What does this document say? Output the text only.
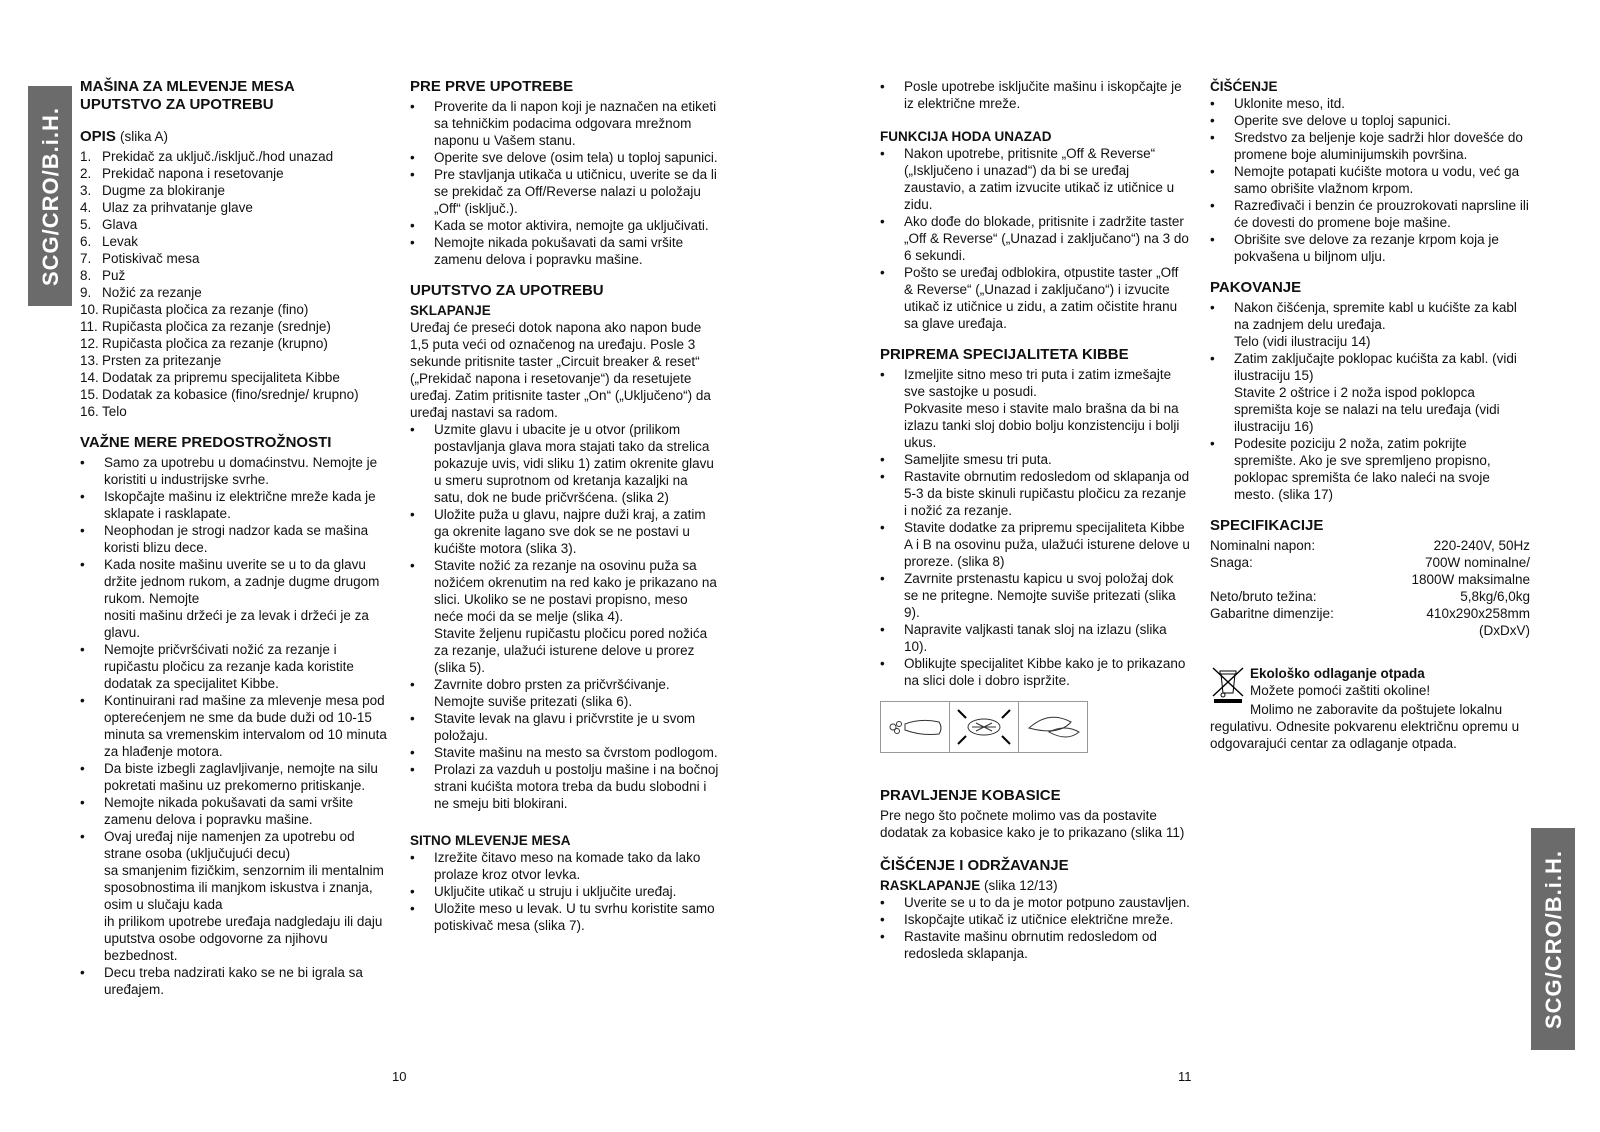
SCG/CRO/B.i.H.
SCG/CRO/B.i.H.
MAŠINA ZA MLEVENJE MESA
UPUTSTVO ZA UPOTREBU
OPIS (slika A)
1. Prekidač za uključ./isključ./hod unazad
2. Prekidač napona i resetovanje
3. Dugme za blokiranje
4. Ulaz za prihvatanje glave
5. Glava
6. Levak
7. Potiskivač mesa
8. Puž
9. Nožić za rezanje
10. Rupičasta pločica za rezanje (fino)
11. Rupičasta pločica za rezanje (srednje)
12. Rupičasta pločica za rezanje (krupno)
13. Prsten za pritezanje
14. Dodatak za pripremu specijaliteta Kibbe
15. Dodatak za kobasice (fino/srednje/ krupno)
16. Telo
VAŽNE MERE PREDOSTROŽNOSTI
•	Samo za upotrebu u domaćinstvu. Nemojte je koristiti u industrijske svrhe.
•	Iskopčajte mašinu iz električne mreže kada je sklapate i rasklapate.
•	Neophodan je strogi nadzor kada se mašina koristi blizu dece.
•	Kada nosite mašinu uverite se u to da glavu držite jednom rukom, a zadnje dugme drugom rukom. Nemojte
nositi mašinu držeći je za levak i držeći je za glavu.
•	Nemojte pričvršćivati nožić za rezanje i rupičastu pločicu za rezanje kada koristite dodatak za specijalitet Kibbe.
•	Kontinuirani rad mašine za mlevenje mesa pod opterećenjem ne sme da bude duži od 10-15 minuta sa vremenskim intervalom od 10 minuta za hlađenje motora.
•	Da biste izbegli zaglavljivanje, nemojte na silu pokretati mašinu uz prekomerno pritiskanje.
•	Nemojte nikada pokušavati da sami vršite zamenu delova i popravku mašine.
•	Ovaj uređaj nije namenjen za upotrebu od strane osoba (uključujući decu)
sa smanjenim fizičkim, senzornim ili mentalnim sposobnostima ili manjkom iskustva i znanja, osim u slučaju kada
ih prilikom upotrebe uređaja nadgledaju ili daju uputstva osobe odgovorne za njihovu bezbednost.
•	Decu treba nadzirati kako se ne bi igrala sa uređajem.
PRE PRVE UPOTREBE
•	Proverite da li napon koji je naznačen na etiketi sa tehničkim podacima odgovara mrežnom naponu u Vašem stanu.
•	Operite sve delove (osim tela) u toploj sapunici.
•	Pre stavljanja utikača u utičnicu, uverite se da li se prekidač za Off/Reverse nalazi u položaju „Off“ (isključ.).
•	Kada se motor aktivira, nemojte ga uključivati.
•	Nemojte nikada pokušavati da sami vršite zamenu delova i popravku mašine.
UPUTSTVO ZA UPOTREBU
SKLAPANJE

Uređaj će preseći dotok napona ako napon bude 1,5 puta veći od označenog na uređaju. Posle 3 sekunde pritisnite taster „Circuit breaker & reset“ („Prekidač napona i resetovanje“) da resetujete uređaj. Zatim pritisnite taster „On“ („Uključeno“) da uređaj nastavi sa radom.

•	Uzmite glavu i ubacite je u otvor (prilikom postavljanja glava mora stajati tako da strelica pokazuje uvis, vidi sliku 1) zatim okrenite glavu u smeru suprotnom od kretanja kazaljki na satu, dok ne bude pričvršćena. (slika 2)
•	Uložite puža u glavu, najpre duži kraj, a zatim ga okrenite lagano sve dok se ne postavi u kućište motora (slika 3).
•	Stavite nožić za rezanje na osovinu puža sa nožićem okrenutim na red kako je prikazano na slici. Ukoliko se ne postavi propisno, meso neće moći da se melje (slika 4).
Stavite željenu rupičastu pločicu pored nožića za rezanje, ulažući isturene delove u prorez (slika 5).
•	Zavrnite dobro prsten za pričvršćivanje. Nemojte suviše pritezati (slika 6).
•	Stavite levak na glavu i pričvrstite je u svom položaju.
•	Stavite mašinu na mesto sa čvrstom podlogom.
•	Prolazi za vazduh u postolju mašine i na bočnoj strani kućišta motora treba da budu slobodni i ne smeju biti blokirani.
SITNO MLEVENJE MESA
•	Izrežite čitavo meso na komade tako da lako prolaze kroz otvor levka.
•	Uključite utikač u struju i uključite uređaj.
•	Uložite meso u levak. U tu svrhu koristite samo potiskivač mesa (slika 7).
•	Posle upotrebe isključite mašinu i iskopčajte je iz električne mreže.
FUNKCIJA HODA UNAZAD
•	Nakon upotrebe, pritisnite „Off & Reverse“ („Isključeno i unazad“) da bi se uređaj zaustavio, a zatim izvucite utikač iz utičnice u zidu.
•	Ako dođe do blokade, pritisnite i zadržite taster „Off & Reverse“ („Unazad i zaključano“) na 3 do 6 sekundi.
•	Pošto se uređaj odblokira, otpustite taster „Off & Reverse“ („Unazad i zaključano“) i izvucite utikač iz utičnice u zidu, a zatim očistite hranu sa glave uređaja.
PRIPREMA SPECIJALITETA KIBBE
•	Izmeljite sitno meso tri puta i zatim izmešajte sve sastojke u posudi.
Pokvasite meso i stavite malo brašna da bi na izlazu tanki sloj dobio bolju konzistenciju i bolji ukus.
•	Sameljite smesu tri puta.
•	Rastavite obrnutim redosledom od sklapanja od 5-3 da biste skinuli rupičastu pločicu za rezanje i nožić za rezanje.
•	Stavite dodatke za pripremu specijaliteta Kibbe A i B na osovinu puža, ulažući isturene delove u proreze. (slika 8)
•	Zavrnite prstenastu kapicu u svoj položaj dok se ne pritegne. Nemojte suviše pritezati (slika 9).
•	Napravite valjkasti tanak sloj na izlazu (slika 10).
•	Oblikujte specijalitet Kibbe kako je to prikazano na slici dole i dobro ispržite.
PRAVLJENJE KOBASICE

Pre nego što počnete molimo vas da postavite dodatak za kobasice kako je to prikazano (slika 11)

ČIŠĆENJE I ODRŽAVANJE
RASKLAPANJE (slika 12/13)
•	Uverite se u to da je motor potpuno zaustavljen.
•	Iskopčajte utikač iz utičnice električne mreže.
•	Rastavite mašinu obrnutim redosledom od redosleda sklapanja.
ČIŠĆENJE
•	Uklonite meso, itd.
•	Operite sve delove u toploj sapunici.
•	Sredstvo za beljenje koje sadrži hlor dovešće do promene boje aluminijumskih površina.
•	Nemojte potapati kućište motora u vodu, već ga samo obrišite vlažnom krpom.
•	Razređivači i benzin će prouzrokovati naprsline ili će dovesti do promene boje mašine.
•	Obrišite sve delove za rezanje krpom koja je pokvašena u biljnom ulju.
PAKOVANJE
•	Nakon čišćenja, spremite kabl u kućište za kabl na zadnjem delu uređaja.
Telo (vidi ilustraciju 14)
•	Zatim zaključajte poklopac kućišta za kabl. (vidi ilustraciju 15)
Stavite 2 oštrice i 2 noža ispod poklopca spremišta koje se nalazi na telu uređaja (vidi ilustraciju 16)
•	Podesite poziciju 2 noža, zatim pokrijte spremište. Ako je sve spremljeno propisno, poklopac spremišta će lako naleći na svoje mesto. (slika 17)
SPECIFIKACIJE
Nominalni napon:	220-240V, 50Hz
Snaga:	700W nominalne/
1800W maksimalne
Neto/bruto težina:	5,8kg/6,0kg
Gabaritne dimenzije:	410x290x258mm
(DxDxV)
Ekološko odlaganje otpada
Možete pomoći zaštiti okoline!

Molimo ne zaboravite da poštujete lokalnu regulativu. Odnesite pokvarenu električnu opremu u odgovarajući centar za odlaganje otpada.

10	11
